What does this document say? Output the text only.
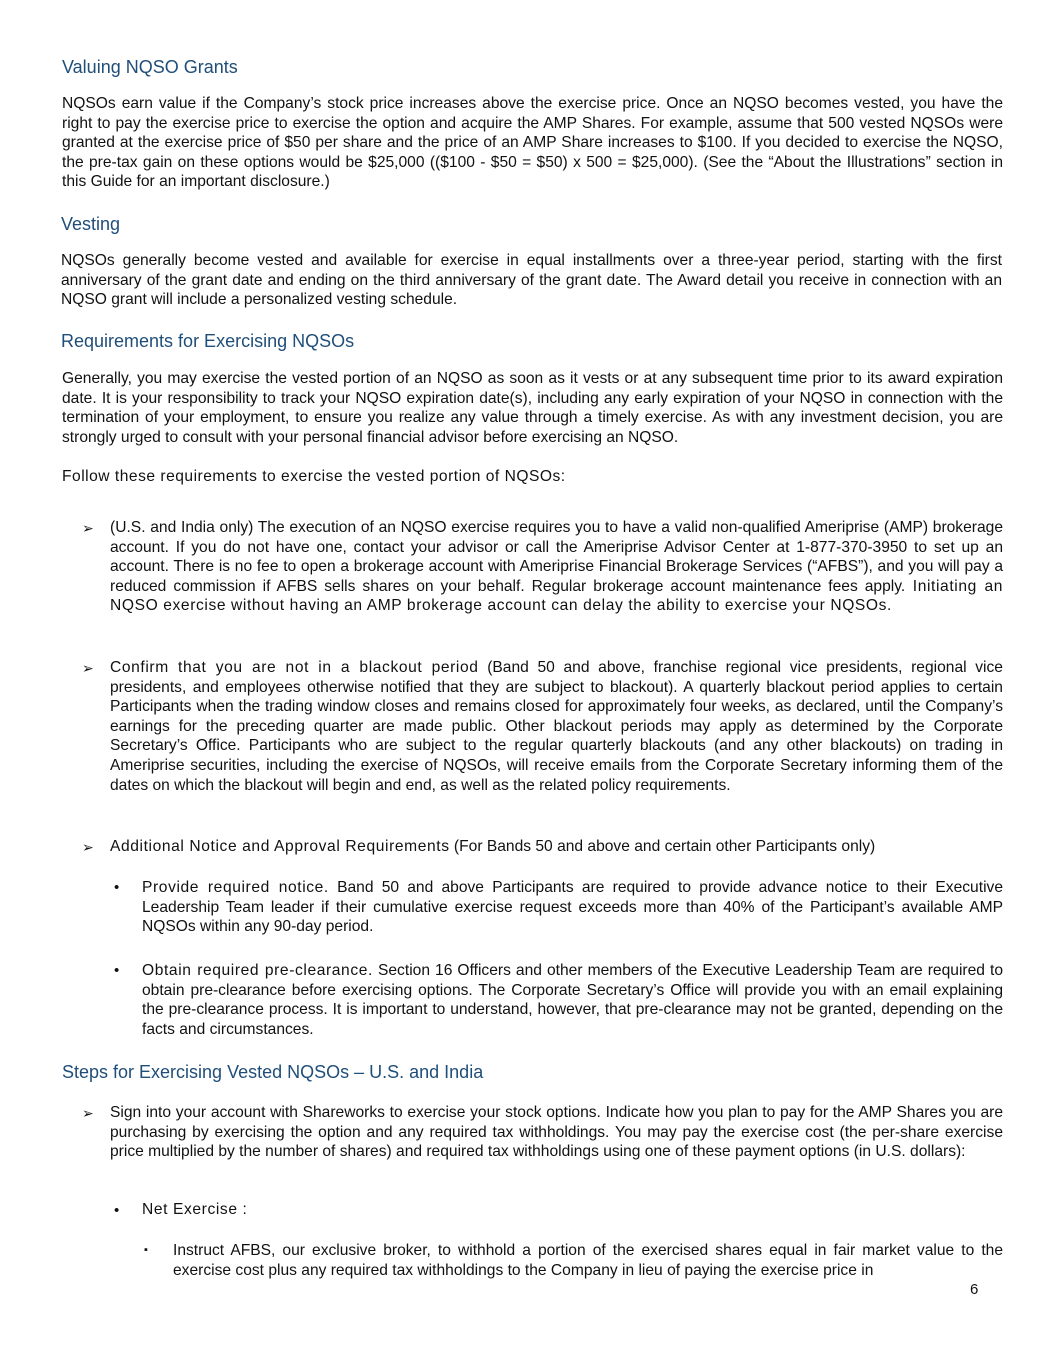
Valuing NQSO Grants

NQSOs earn value if the Company’s stock price increases above the exercise price. Once an NQSO becomes vested, you have the right to pay the exercise price to exercise the option and acquire the AMP Shares. For example, assume that 500 vested NQSOs were granted at the exercise price of $50 per share and the price of an AMP Share increases to $100. If you decided to exercise the NQSO, the pre-tax gain on these options would be $25,000 (($100 - $50 = $50) x 500 = $25,000). (See the “About the Illustrations” section in this Guide for an important disclosure.)

Vesting

NQSOs generally become vested and available for exercise in equal installments over a three-year period, starting with the first anniversary of the grant date and ending on the third anniversary of the grant date. The Award detail you receive in connection with an NQSO grant will include a personalized vesting schedule.

Requirements for Exercising NQSOs

Generally, you may exercise the vested portion of an NQSO as soon as it vests or at any subsequent time prior to its award expiration date. It is your responsibility to track your NQSO expiration date(s), including any early expiration of your NQSO in connection with the termination of your employment, to ensure you realize any value through a timely exercise. As with any investment decision, you are strongly urged to consult with your personal financial advisor before exercising an NQSO.

Follow these requirements to exercise the vested portion of NQSOs:

➢ (U.S. and India only) The execution of an NQSO exercise requires you to have a valid non-qualified Ameriprise (AMP) brokerage account. If you do not have one, contact your advisor or call the Ameriprise Advisor Center at 1-877-370-3950 to set up an account. There is no fee to open a brokerage account with Ameriprise Financial Brokerage Services (“AFBS”), and you will pay a reduced commission if AFBS sells shares on your behalf. Regular brokerage account maintenance fees apply. Initiating an NQSO exercise without having an AMP brokerage account can delay the ability to exercise your NQSOs.
➢ Confirm that you are not in a blackout period (Band 50 and above, franchise regional vice presidents, regional vice presidents, and employees otherwise notified that they are subject to blackout). A quarterly blackout period applies to certain Participants when the trading window closes and remains closed for approximately four weeks, as declared, until the Company’s earnings for the preceding quarter are made public. Other blackout periods may apply as determined by the Corporate Secretary’s Office. Participants who are subject to the regular quarterly blackouts (and any other blackouts) on trading in Ameriprise securities, including the exercise of NQSOs, will receive emails from the Corporate Secretary informing them of the dates on which the blackout will begin and end, as well as the related policy requirements.
➢ Additional Notice and Approval Requirements (For Bands 50 and above and certain other Participants only)
• Provide required notice. Band 50 and above Participants are required to provide advance notice to their Executive Leadership Team leader if their cumulative exercise request exceeds more than 40% of the Participant’s available AMP NQSOs within any 90-day period.
• Obtain required pre-clearance. Section 16 Officers and other members of the Executive Leadership Team are required to obtain pre-clearance before exercising options. The Corporate Secretary’s Office will provide you with an email explaining the pre-clearance process. It is important to understand, however, that pre-clearance may not be granted, depending on the facts and circumstances.
Steps for Exercising Vested NQSOs – U.S. and India
➢ Sign into your account with Shareworks to exercise your stock options. Indicate how you plan to pay for the AMP Shares you are purchasing by exercising the option and any required tax withholdings. You may pay the exercise cost (the per-share exercise price multiplied by the number of shares) and required tax withholdings using one of these payment options (in U.S. dollars):
• Net Exercise :
▪ Instruct AFBS, our exclusive broker, to withhold a portion of the exercised shares equal in fair market value to the exercise cost plus any required tax withholdings to the Company in lieu of paying the exercise price in
6
